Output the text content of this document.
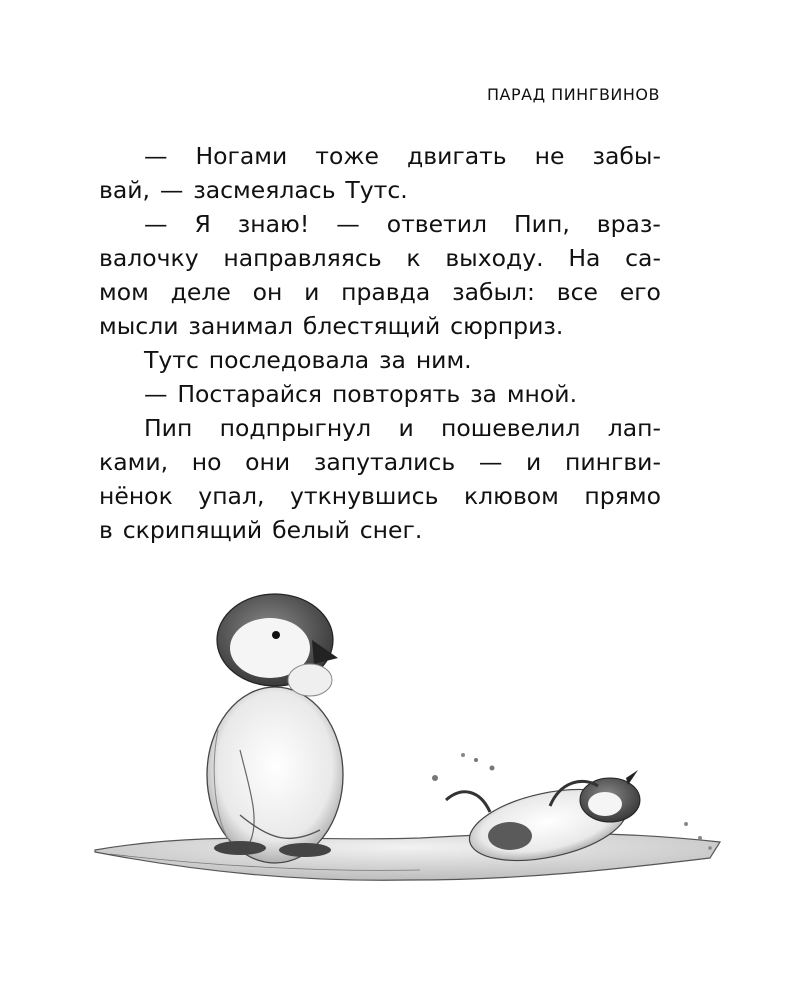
ПАРАД ПИНГВИНОВ
— Ногами тоже двигать не забы-
вай, — засмеялась Тутс.
— Я знаю! — ответил Пип, враз-
валочку направляясь к выходу. На са-
мом деле он и правда забыл: все его
мысли занимал блестящий сюрприз.
Тутс последовала за ним.
— Постарайся повторять за мной.
Пип подпрыгнул и пошевелил лап-
ками, но они запутались — и пингви-
нёнок упал, уткнувшись клювом прямо
в скрипящий белый снег.
